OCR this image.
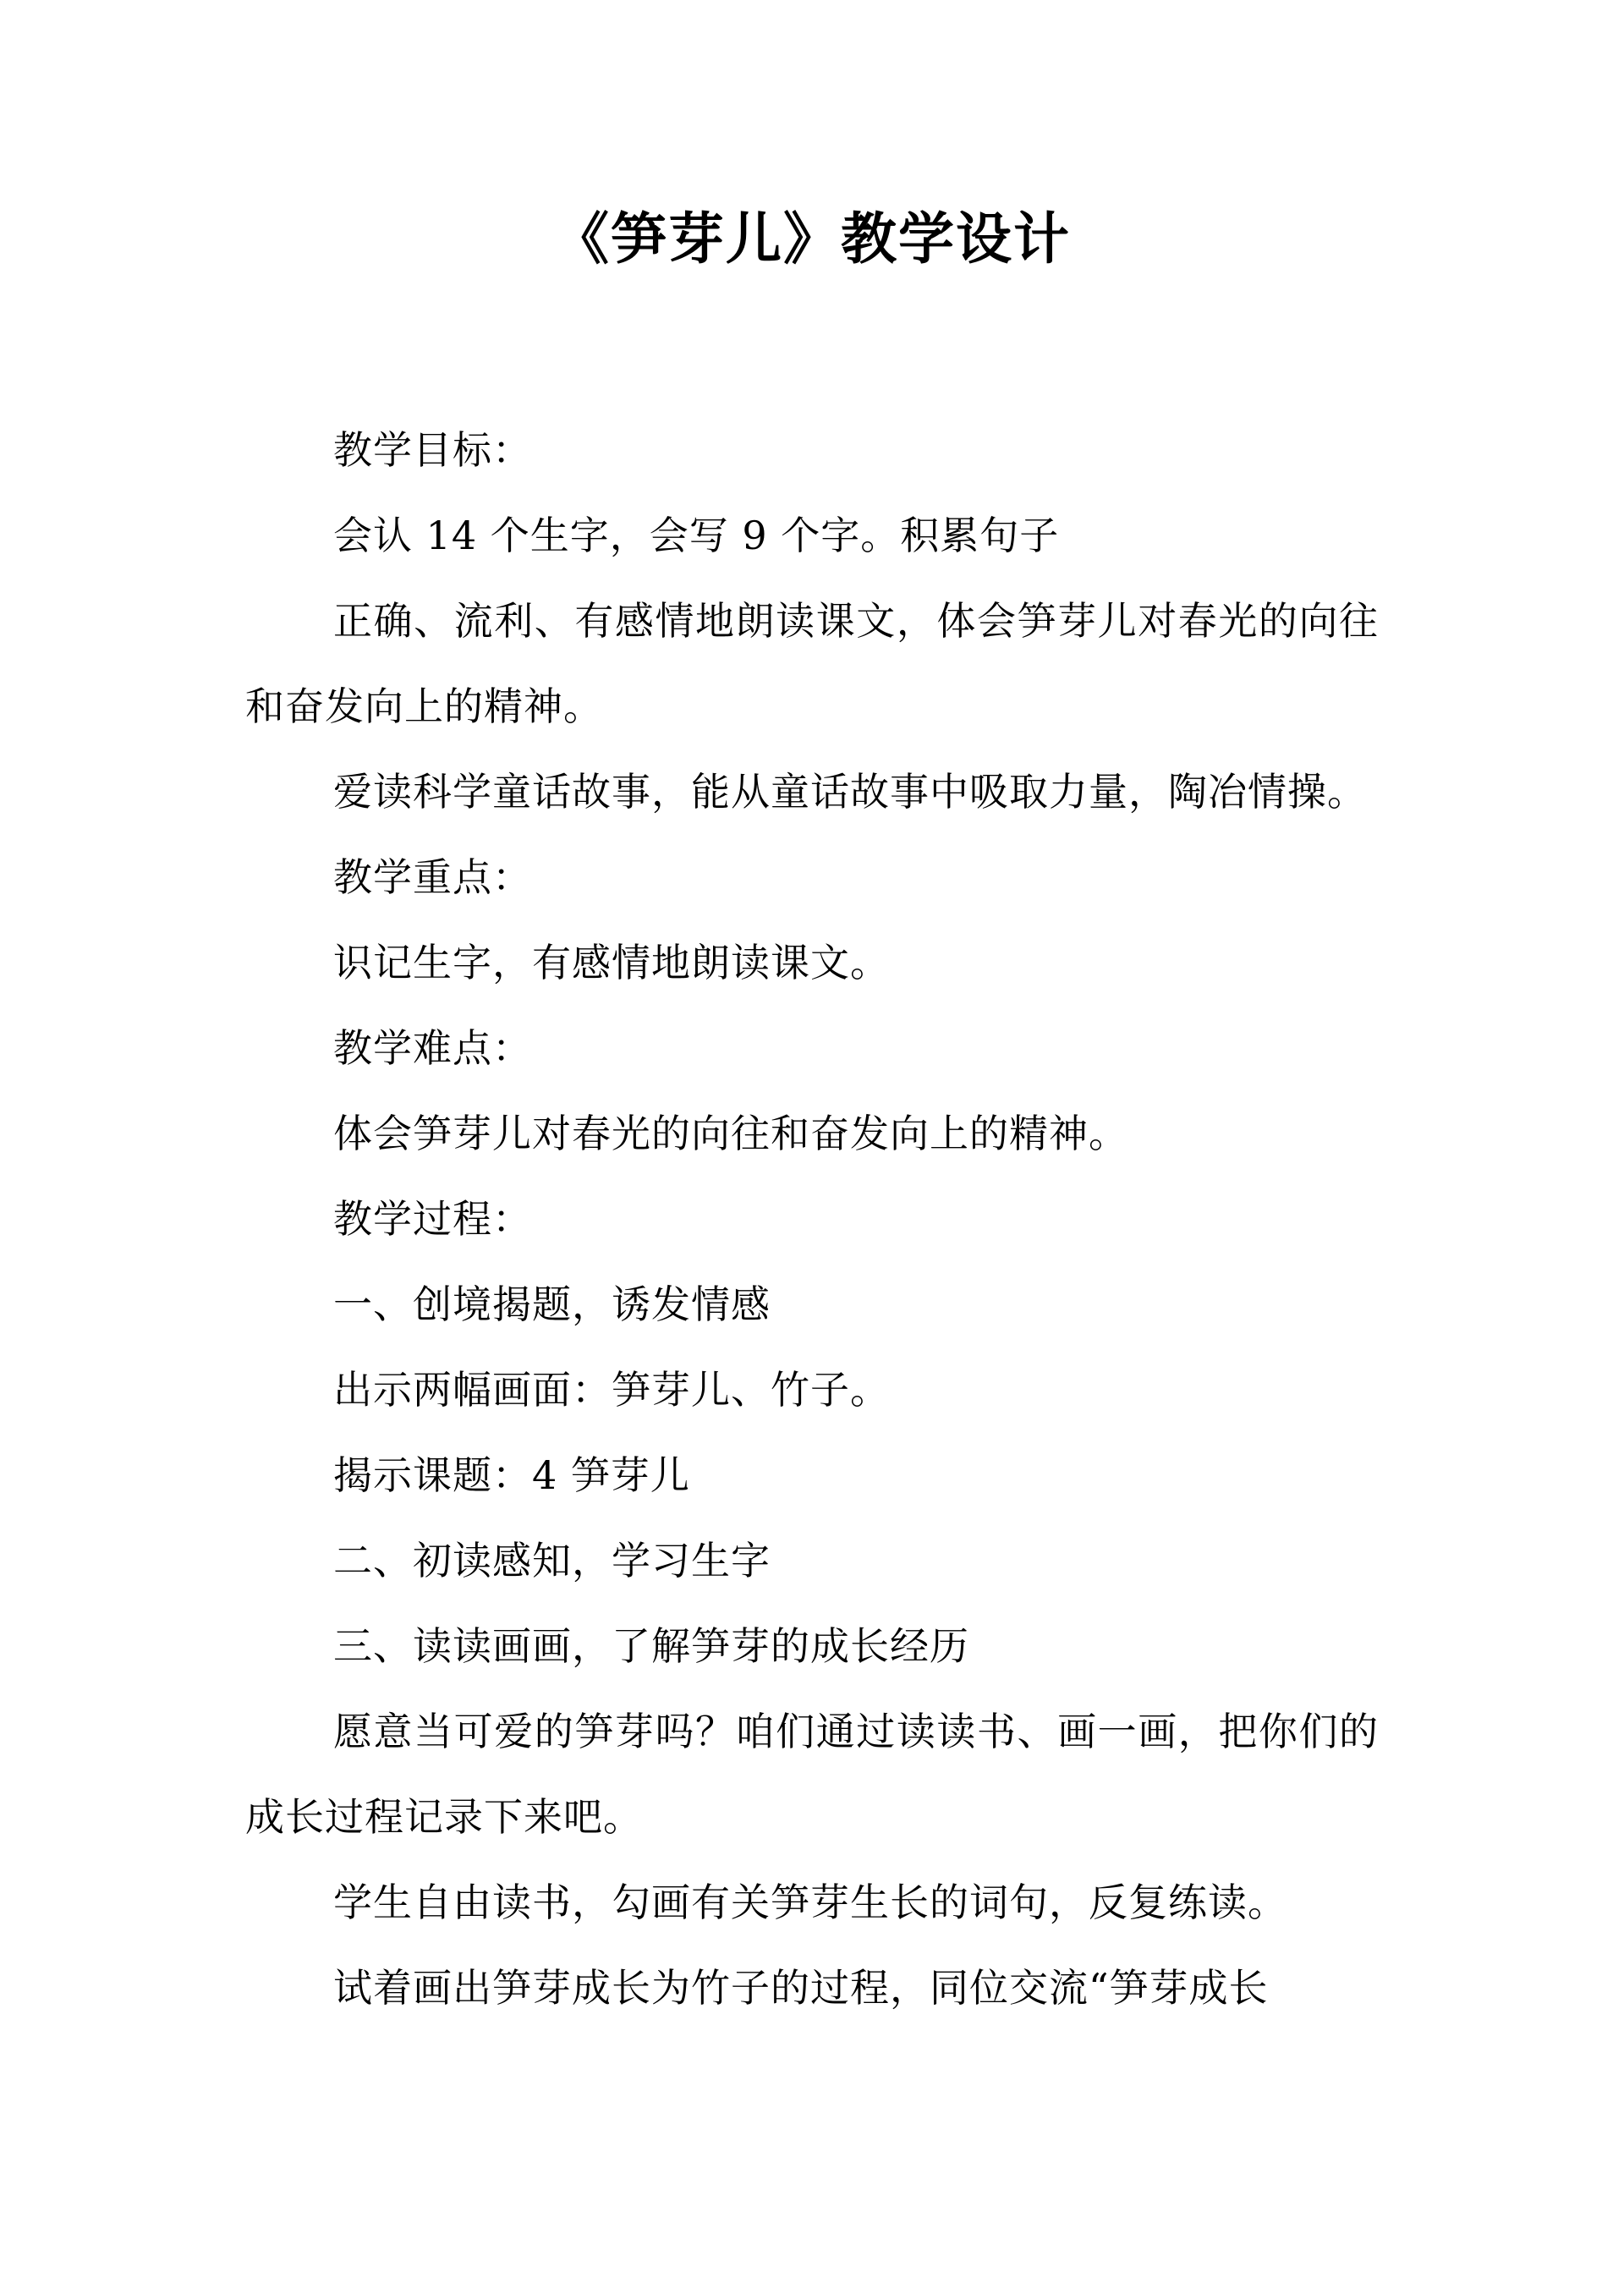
《笋芽儿》教学设计

教学目标：

会认 14 个生字，会写 9 个字。积累句子

正确、流利、有感情地朗读课文，体会笋芽儿对春光的向往和奋发向上的精神。

爱读科学童话故事，能从童话故事中吸取力量，陶冶情操。

教学重点：

识记生字，有感情地朗读课文。

教学难点：

体会笋芽儿对春光的向往和奋发向上的精神。

教学过程：

一、创境揭题，诱发情感

出示两幅画面：笋芽儿、竹子。

揭示课题：4 笋芽儿

二、初读感知，学习生字

三、读读画画，了解笋芽的成长经历

愿意当可爱的笋芽吗？咱们通过读读书、画一画，把你们的成长过程记录下来吧。

学生自由读书，勾画有关笋芽生长的词句，反复练读。

试着画出笋芽成长为竹子的过程，同位交流“笋芽成长
